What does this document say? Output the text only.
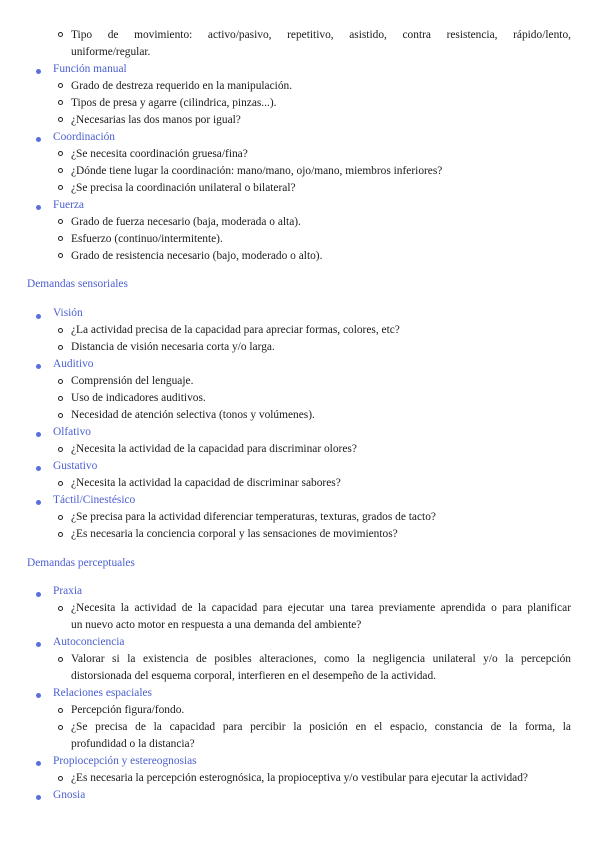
Tipo de movimiento: activo/pasivo, repetitivo, asistido, contra resistencia, rápido/lento,
uniforme/regular.
Función manual
Grado de destreza requerido en la manipulación.
Tipos de presa y agarre (cilindrica, pinzas...).
¿Necesarias las dos manos por igual?
Coordinación
¿Se necesita coordinación gruesa/fina?
¿Dónde tiene lugar la coordinación: mano/mano, ojo/mano, miembros inferiores?
¿Se precisa la coordinación unilateral o bilateral?
Fuerza
Grado de fuerza necesario (baja, moderada o alta).
Esfuerzo (continuo/intermitente).
Grado de resistencia necesario (bajo, moderado o alto).
Demandas sensoriales
Visión
¿La actividad precisa de la capacidad para apreciar formas, colores, etc?
Distancia de visión necesaria corta y/o larga.
Auditivo
Comprensión del lenguaje.
Uso de indicadores auditivos.
Necesidad de atención selectiva (tonos y volúmenes).
Olfativo
¿Necesita la actividad de la capacidad para discriminar olores?
Gustativo
¿Necesita la actividad la capacidad de discriminar sabores?
Táctil/Cinestésico
¿Se precisa para la actividad diferenciar temperaturas, texturas, grados de tacto?
¿Es necesaria la conciencia corporal y las sensaciones de movimientos?
Demandas perceptuales
Praxia
¿Necesita la actividad de la capacidad para ejecutar una tarea previamente aprendida o para planificar
un nuevo acto motor en respuesta a una demanda del ambiente?
Autoconciencia
Valorar si la existencia de posibles alteraciones, como la negligencia unilateral y/o la percepción
distorsionada del esquema corporal, interfieren en el desempeño de la actividad.
Relaciones espaciales
Percepción figura/fondo.
¿Se precisa de la capacidad para percibir la posición en el espacio, constancia de la forma, la
profundidad o la distancia?
Propiocepción y estereognosias
¿Es necesaria la percepción esterognósica, la propioceptiva y/o vestibular para ejecutar la actividad?
Gnosia
